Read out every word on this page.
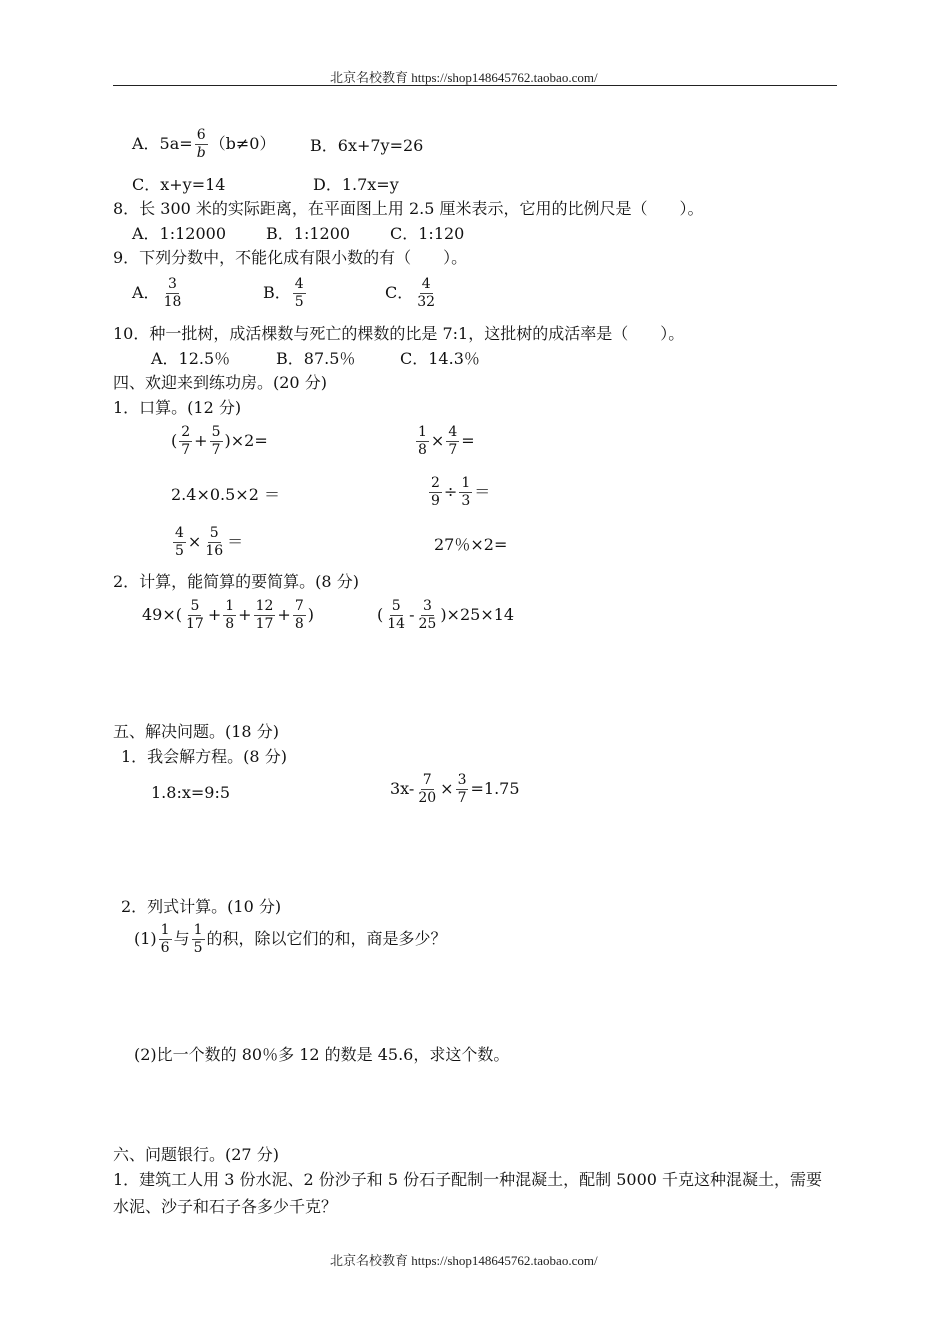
北京名校教育 https://shop148645762.taobao.com/
A．$5a= \frac{6}{b} (b\ne 0)$ B．6x+7y=26
C．x+y=14	D．1.7x=y
8．长 300 米的实际距离，在平面图上用 2.5 厘米表示，它用的比例尺是（　　）。
A．1:12000 B．1:1200 C．1:120
9．下列分数中，不能化成有限小数的有（　　）。
A． $\frac{3}{18}$	B． $\frac{4}{5}$	C． $\frac{4}{32}$
10．种一批树，成活棵数与死亡的棵数的比是 7:1，这批树的成活率是（　　）。
A．12.5％	B．87.5％	C．14.3％
四、欢迎来到练功房。(20 分)
1．口算。(12 分)
( $\frac{2}{7} + \frac{5}{7} )\times 2=$	$\frac{1}{8} \times \frac{4}{7}$ =
2.4×0.5×2 ＝	$\frac{2}{9} \div \frac{1}{3}$ ＝
$\frac{4}{5} \times \frac{5}{16}$ ＝	27％×2=
2．计算，能简算的要简算。(8 分)
$49\times( \frac{5}{17} + \frac{1}{8} + \frac{12}{17} + \frac{7}{8}$ )	( $\frac{5}{14} - \frac{3}{25} )\times 25\times 14$
五、解决问题。(18 分)
1．我会解方程。(8 分)
1.8:x=9:5	$3x- \frac{7}{20} \times \frac{3}{7} =1.75$
2．列式计算。(10 分)
$(1) \frac{1}{6}$ 与 $\frac{1}{5}$ 的积，除以它们的和，商是多少？
(2)比一个数的 80％多 12 的数是 45.6，求这个数。
六、问题银行。(27 分)
1．建筑工人用 3 份水泥、2 份沙子和 5 份石子配制一种混凝土，配制 5000 千克这种混凝土，需要水泥、沙子和石子各多少千克？
北京名校教育 https://shop148645762.taobao.com/
